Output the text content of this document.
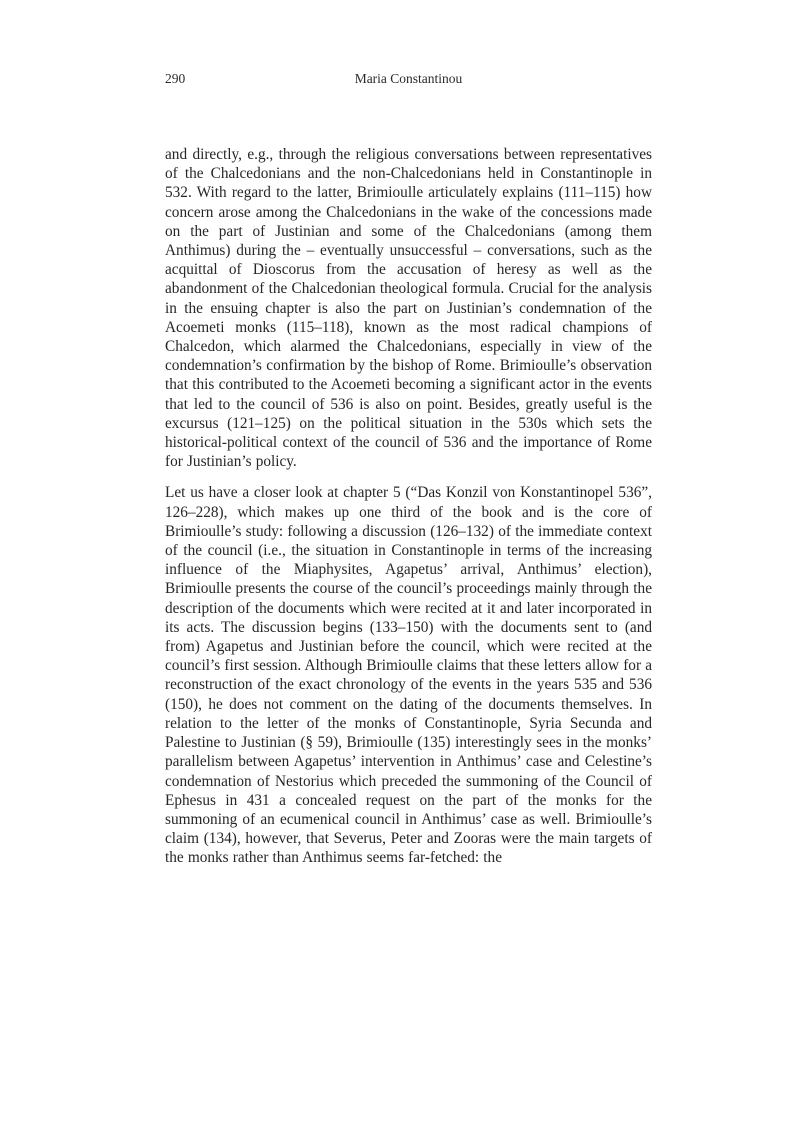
290	Maria Constantinou

and directly, e.g., through the religious conversations between representatives of the Chalcedonians and the non-Chalcedonians held in Constantinople in 532. With regard to the latter, Brimioulle articulately explains (111–115) how concern arose among the Chalcedonians in the wake of the concessions made on the part of Justinian and some of the Chalcedonians (among them Anthimus) during the – eventually unsuccessful – conversations, such as the acquittal of Dioscorus from the accusation of heresy as well as the abandonment of the Chalcedonian theological formula. Crucial for the analysis in the ensuing chapter is also the part on Justinian’s condemnation of the Acoemeti monks (115–118), known as the most radical champions of Chalcedon, which alarmed the Chalcedonians, especially in view of the condemnation’s confirmation by the bishop of Rome. Brimioulle’s observation that this contributed to the Acoemeti becoming a significant actor in the events that led to the council of 536 is also on point. Besides, greatly useful is the excursus (121–125) on the political situation in the 530s which sets the historical-political context of the council of 536 and the importance of Rome for Justinian’s policy.

Let us have a closer look at chapter 5 (“Das Konzil von Konstantinopel 536”, 126–228), which makes up one third of the book and is the core of Brimioulle’s study: following a discussion (126–132) of the immediate context of the council (i.e., the situation in Constantinople in terms of the increasing influence of the Miaphysites, Agapetus’ arrival, Anthimus’ election), Brimioulle presents the course of the council’s proceedings mainly through the description of the documents which were recited at it and later incorporated in its acts. The discussion begins (133–150) with the documents sent to (and from) Agapetus and Justinian before the council, which were recited at the council’s first session. Although Brimioulle claims that these letters allow for a reconstruction of the exact chronology of the events in the years 535 and 536 (150), he does not comment on the dating of the documents themselves. In relation to the letter of the monks of Constantinople, Syria Secunda and Palestine to Justinian (§ 59), Brimioulle (135) interestingly sees in the monks’ parallelism between Agapetus’ intervention in Anthimus’ case and Celestine’s condemnation of Nestorius which preceded the summoning of the Council of Ephesus in 431 a concealed request on the part of the monks for the summoning of an ecumenical council in Anthimus’ case as well. Brimioulle’s claim (134), however, that Severus, Peter and Zooras were the main targets of the monks rather than Anthimus seems far-fetched: the
